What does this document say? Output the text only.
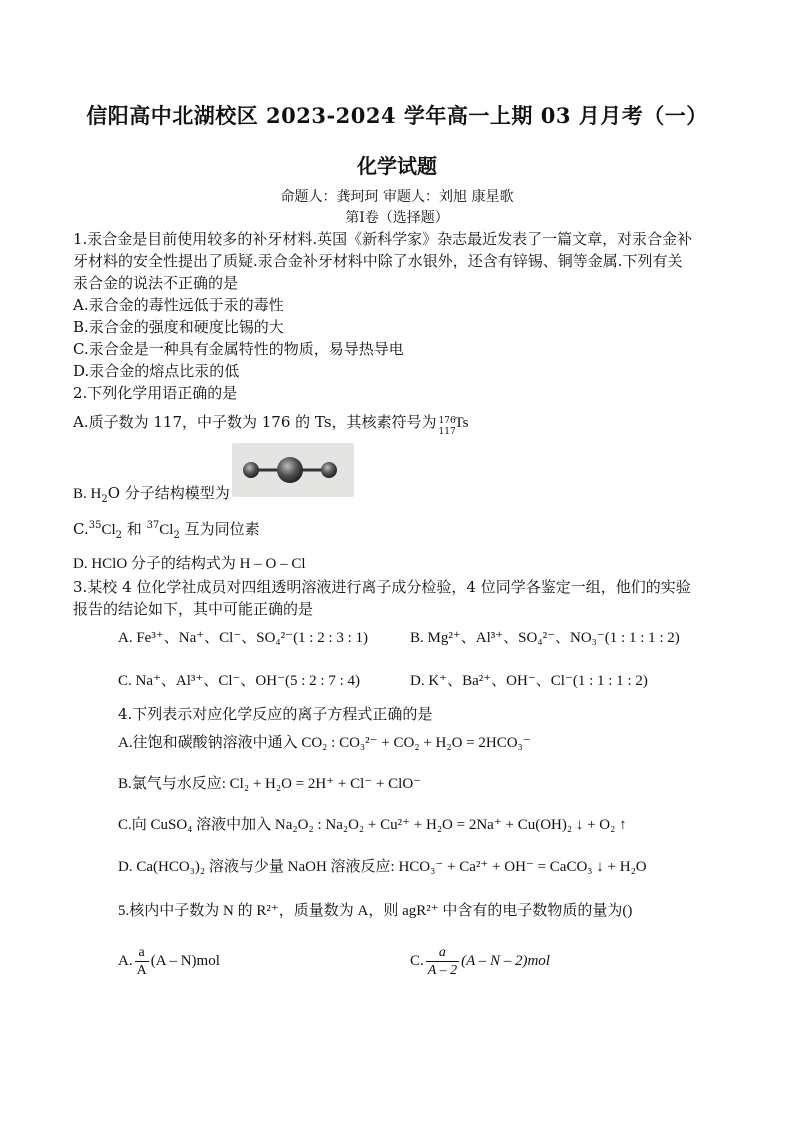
信阳高中北湖校区 2023-2024 学年高一上期 03 月月考（一）
化学试题
命题人：龚珂珂 审题人：刘旭 康星歌
第Ⅰ卷（选择题）
1.汞合金是目前使用较多的补牙材料.英国《新科学家》杂志最近发表了一篇文章，对汞合金补
牙材料的安全性提出了质疑.汞合金补牙材料中除了水银外，还含有锌锡、铜等金属.下列有关
汞合金的说法不正确的是
A.汞合金的毒性远低于汞的毒性
B.汞合金的强度和硬度比锡的大
C.汞合金是一种具有金属特性的物质，易导热导电
D.汞合金的熔点比汞的低
2.下列化学用语正确的是
A.质子数为 117，中子数为 176 的 Ts，其核素符号为 176
117
Ts
B. $H_2O$ 分子结构模型为
$C.^{35}Cl_2$ 和 $^{37}Cl_2$ 互为同位素
D. HClO 分子的结构式为 H – O – Cl
3.某校 4 位化学社成员对四组透明溶液进行离子成分检验，4 位同学各鉴定一组，他们的实验
报告的结论如下，其中可能正确的是
A. Fe³⁺、Na⁺、Cl⁻、SO₄²⁻(1 : 2 : 3 : 1)	B. Mg²⁺、Al³⁺、SO₄²⁻、NO₃⁻(1 : 1 : 1 : 2)
C. Na⁺、Al³⁺、Cl⁻、OH⁻(5 : 2 : 7 : 4)	D. K⁺、Ba²⁺、OH⁻、Cl⁻(1 : 1 : 1 : 2)
4.下列表示对应化学反应的离子方程式正确的是
A.往饱和碳酸钠溶液中通入 CO₂ : CO₃²⁻ + CO₂ + H₂O = 2HCO₃⁻
B.氯气与水反应: Cl₂ + H₂O = 2H⁺ + Cl⁻ + ClO⁻
C.向 CuSO₄ 溶液中加入 Na₂O₂ : Na₂O₂ + Cu²⁺ + H₂O = 2Na⁺ + Cu(OH)₂ ↓ + O₂ ↑
D. Ca(HCO₃)₂ 溶液与少量 NaOH 溶液反应: HCO₃⁻ + Ca²⁺ + OH⁻ = CaCO₃ ↓ + H₂O
5.核内中子数为 N 的 R²⁺，质量数为 A，则 agR²⁺ 中含有的电子数物质的量为()
A. $\frac{a}{A} (A - N)mol$	C. $\frac{a}{A - 2} (A$ – N – 2)mol
